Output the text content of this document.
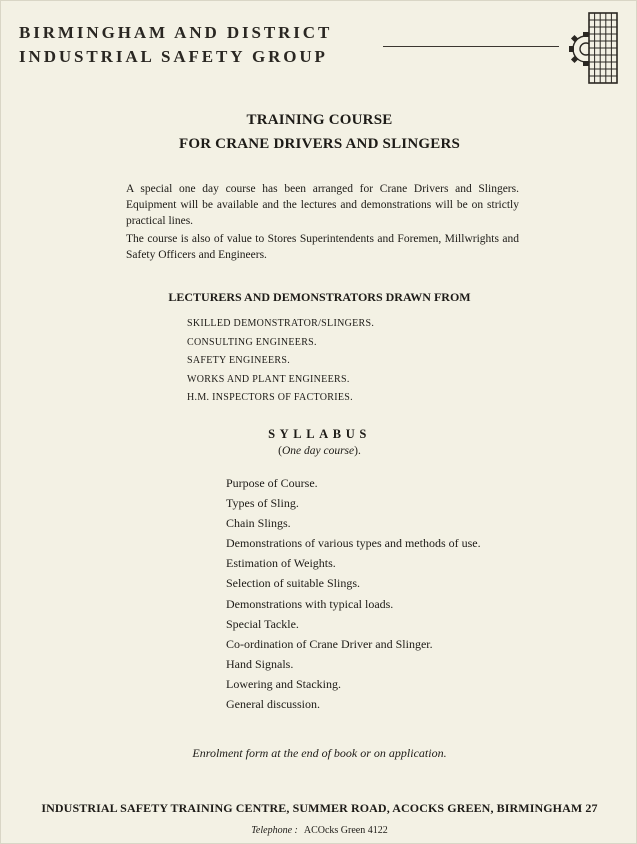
BIRMINGHAM AND DISTRICT
INDUSTRIAL SAFETY GROUP
TRAINING COURSE
FOR CRANE DRIVERS AND SLINGERS
A special one day course has been arranged for Crane Drivers and Slingers. Equipment will be available and the lectures and demonstrations will be on strictly practical lines.
The course is also of value to Stores Superintendents and Foremen, Millwrights and Safety Officers and Engineers.
LECTURERS AND DEMONSTRATORS DRAWN FROM
SKILLED DEMONSTRATOR/SLINGERS.
CONSULTING ENGINEERS.
SAFETY ENGINEERS.
WORKS AND PLANT ENGINEERS.
H.M. INSPECTORS OF FACTORIES.
SYLLABUS
(One day course).
Purpose of Course.
Types of Sling.
Chain Slings.
Demonstrations of various types and methods of use.
Estimation of Weights.
Selection of suitable Slings.
Demonstrations with typical loads.
Special Tackle.
Co-ordination of Crane Driver and Slinger.
Hand Signals.
Lowering and Stacking.
General discussion.
Enrolment form at the end of book or on application.
INDUSTRIAL SAFETY TRAINING CENTRE, SUMMER ROAD, ACOCKS GREEN, BIRMINGHAM 27
Telephone : ACOcks Green 4122
